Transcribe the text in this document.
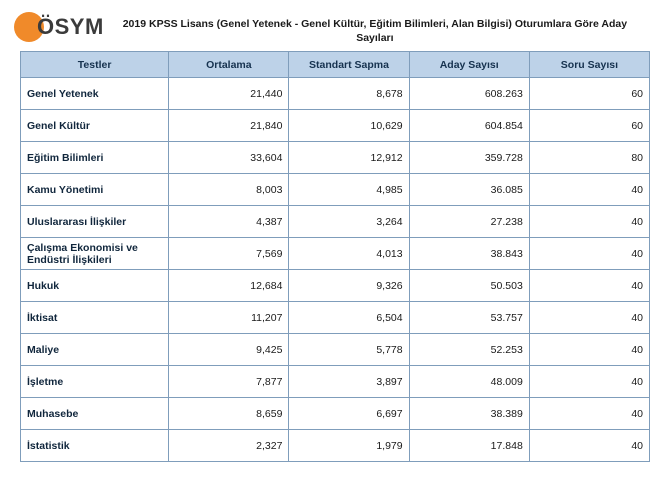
ÖSYM	2019 KPSS Lisans (Genel Yetenek - Genel Kültür, Eğitim Bilimleri, Alan Bilgisi) Oturumlara Göre Aday Sayıları
Testler	Ortalama	Standart Sapma	Aday Sayısı	Soru Sayısı
Genel Yetenek	21,440	8,678	608.263	60
Genel Kültür	21,840	10,629	604.854	60
Eğitim Bilimleri	33,604	12,912	359.728	80
Kamu Yönetimi	8,003	4,985	36.085	40
Uluslararası İlişkiler	4,387	3,264	27.238	40
Çalışma Ekonomisi ve Endüstri İlişkileri	7,569	4,013	38.843	40
Hukuk	12,684	9,326	50.503	40
İktisat	11,207	6,504	53.757	40
Maliye	9,425	5,778	52.253	40
İşletme	7,877	3,897	48.009	40
Muhasebe	8,659	6,697	38.389	40
İstatistik	2,327	1,979	17.848	40
